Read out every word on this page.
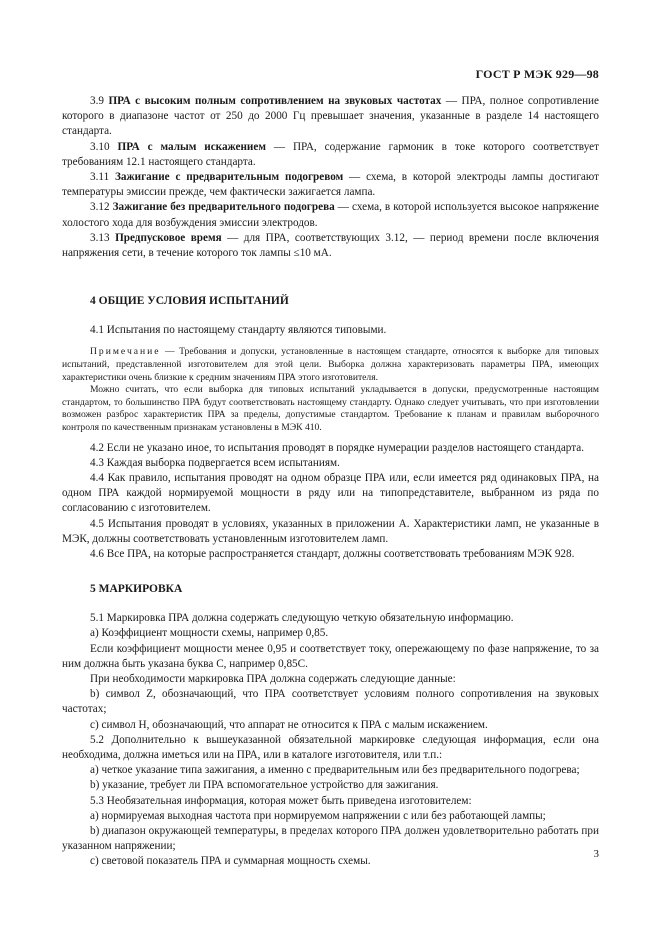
ГОСТ Р МЭК 929—98

3.9 ПРА с высоким полным сопротивлением на звуковых частотах — ПРА, полное сопротивление которого в диапазоне частот от 250 до 2000 Гц превышает значения, указанные в разделе 14 настоящего стандарта.

3.10 ПРА с малым искажением — ПРА, содержание гармоник в токе которого соответствует требованиям 12.1 настоящего стандарта.

3.11 Зажигание с предварительным подогревом — схема, в которой электроды лампы достигают температуры эмиссии прежде, чем фактически зажигается лампа.

3.12 Зажигание без предварительного подогрева — схема, в которой используется высокое напряжение холостого хода для возбуждения эмиссии электродов.

3.13 Предпусковое время — для ПРА, соответствующих 3.12, — период времени после включения напряжения сети, в течение которого ток лампы ≤10 мА.

4 ОБЩИЕ УСЛОВИЯ ИСПЫТАНИЙ

4.1 Испытания по настоящему стандарту являются типовыми.

Примечание — Требования и допуски, установленные в настоящем стандарте, относятся к выборке для типовых испытаний, представленной изготовителем для этой цели. Выборка должна характеризовать параметры ПРА, имеющих характеристики очень близкие к средним значениям ПРА этого изготовителя.

Можно считать, что если выборка для типовых испытаний укладывается в допуски, предусмотренные настоящим стандартом, то большинство ПРА будут соответствовать настоящему стандарту. Однако следует учитывать, что при изготовлении возможен разброс характеристик ПРА за пределы, допустимые стандартом. Требование к планам и правилам выборочного контроля по качественным признакам установлены в МЭК 410.

4.2 Если не указано иное, то испытания проводят в порядке нумерации разделов настоящего стандарта.

4.3 Каждая выборка подвергается всем испытаниям.

4.4 Как правило, испытания проводят на одном образце ПРА или, если имеется ряд одинаковых ПРА, на одном ПРА каждой нормируемой мощности в ряду или на типопредставителе, выбранном из ряда по согласованию с изготовителем.

4.5 Испытания проводят в условиях, указанных в приложении А. Характеристики ламп, не указанные в МЭК, должны соответствовать установленным изготовителем ламп.

4.6 Все ПРА, на которые распространяется стандарт, должны соответствовать требованиям МЭК 928.

5 МАРКИРОВКА

5.1 Маркировка ПРА должна содержать следующую четкую обязательную информацию.

а) Коэффициент мощности схемы, например 0,85.

Если коэффициент мощности менее 0,95 и соответствует току, опережающему по фазе напряжение, то за ним должна быть указана буква С, например 0,85С.

При необходимости маркировка ПРА должна содержать следующие данные:

b) символ Z, обозначающий, что ПРА соответствует условиям полного сопротивления на звуковых частотах;

с) символ Н, обозначающий, что аппарат не относится к ПРА с малым искажением.

5.2 Дополнительно к вышеуказанной обязательной маркировке следующая информация, если она необходима, должна иметься или на ПРА, или в каталоге изготовителя, или т.п.:

а) четкое указание типа зажигания, а именно с предварительным или без предварительного подогрева;

b) указание, требует ли ПРА вспомогательное устройство для зажигания.

5.3 Необязательная информация, которая может быть приведена изготовителем:

а) нормируемая выходная частота при нормируемом напряжении с или без работающей лампы;

b) диапазон окружающей температуры, в пределах которого ПРА должен удовлетворительно работать при указанном напряжении;

с) световой показатель ПРА и суммарная мощность схемы.

3
